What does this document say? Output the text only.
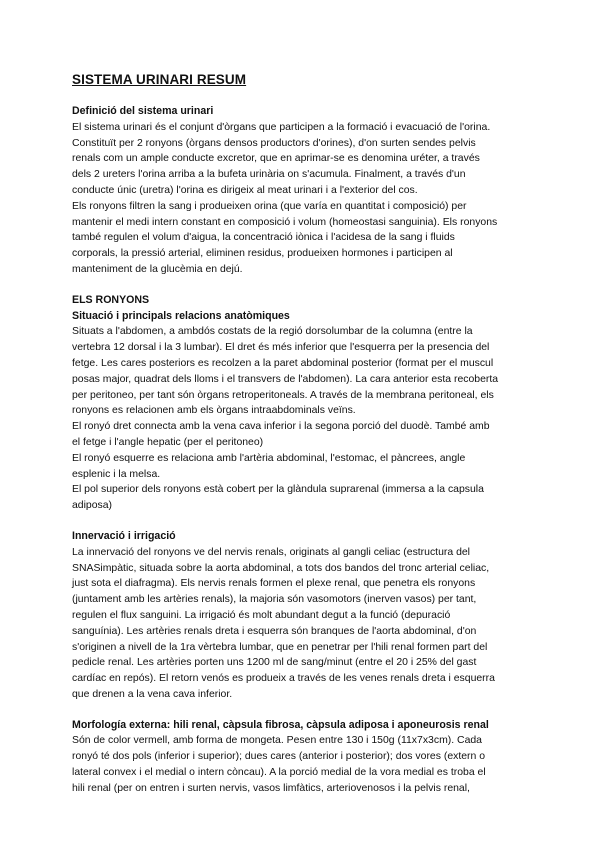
SISTEMA URINARI RESUM
Definició del sistema urinari

El sistema urinari és el conjunt d'òrgans que participen a la formació i evacuació de l'orina.
Constituït per 2 ronyons (òrgans densos productors d'orines), d'on surten sendes pelvis
renals com un ample conducte excretor, que en aprimar-se es denomina uréter, a través
dels 2 ureters l'orina arriba a la bufeta urinària on s'acumula. Finalment, a través d'un
conducte únic (uretra) l'orina es dirigeix al meat urinari i a l'exterior del cos.

Els ronyons filtren la sang i produeixen orina (que varía en quantitat i composició) per
mantenir el medi intern constant en composició i volum (homeostasi sanguinia). Els ronyons
també regulen el volum d'aigua, la concentració iònica i l'acidesa de la sang i fluids
corporals, la pressió arterial, eliminen residus, produeixen hormones i participen al
manteniment de la glucèmia en dejú.

ELS RONYONS
Situació i principals relacions anatòmiques

Situats a l'abdomen, a ambdós costats de la regió dorsolumbar de la columna (entre la
vertebra 12 dorsal i la 3 lumbar). El dret és més inferior que l'esquerra per la presencia del
fetge. Les cares posteriors es recolzen a la paret abdominal posterior (format per el muscul
posas major, quadrat dels lloms i el transvers de l'abdomen). La cara anterior esta recoberta
per peritoneo, per tant són òrgans retroperitoneals. A través de la membrana peritoneal, els
ronyons es relacionen amb els òrgans intraabdominals veïns.

El ronyó dret connecta amb la vena cava inferior i la segona porció del duodè. També amb
el fetge i l'angle hepatic (per el peritoneo)

El ronyó esquerre es relaciona amb l'artèria abdominal, l'estomac, el pàncrees, angle
esplenic i la melsa.

El pol superior dels ronyons està cobert per la glàndula suprarenal (immersa a la capsula
adiposa)

Innervació i irrigació

La innervació del ronyons ve del nervis renals, originats al gangli celiac (estructura del
SNASimpàtic, situada sobre la aorta abdominal, a tots dos bandos del tronc arterial celiac,
just sota el diafragma). Els nervis renals formen el plexe renal, que penetra els ronyons
(juntament amb les artèries renals), la majoria són vasomotors (inerven vasos) per tant,
regulen el flux sanguini. La irrigació és molt abundant degut a la funció (depuració
sanguínia). Les artèries renals dreta i esquerra són branques de l'aorta abdominal, d'on
s'originen a nivell de la 1ra vèrtebra lumbar, que en penetrar per l'hili renal formen part del
pedicle renal. Les artèries porten uns 1200 ml de sang/minut (entre el 20 i 25% del gast
cardíac en repós). El retorn venós es produeix a través de les venes renals dreta i esquerra
que drenen a la vena cava inferior.

Morfología externa: hili renal, càpsula fibrosa, càpsula adiposa i aponeurosis renal

Són de color vermell, amb forma de mongeta. Pesen entre 130 i 150g (11x7x3cm). Cada
ronyó té dos pols (inferior i superior); dues cares (anterior i posterior); dos vores (extern o
lateral convex i el medial o intern còncau). A la porció medial de la vora medial es troba el
hili renal (per on entren i surten nervis, vasos limfàtics, arteriovenosos i la pelvis renal,
